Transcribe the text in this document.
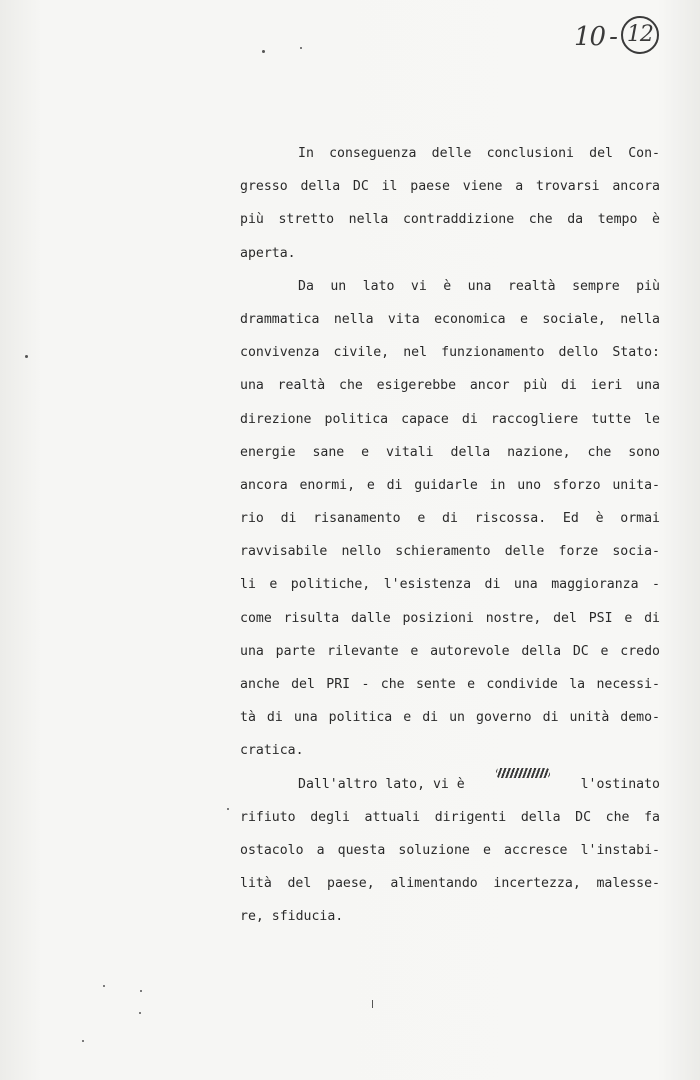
10 - 12
In conseguenza delle conclusioni del Con-
gresso della DC il paese viene a trovarsi ancora
più stretto nella contraddizione che da tempo è
aperta.
Da un lato vi è una realtà sempre più
drammatica nella vita economica e sociale, nella
convivenza civile, nel funzionamento dello Stato:
una realtà che esigerebbe ancor più di ieri una
direzione politica capace di raccogliere tutte le
energie sane e vitali della nazione, che sono
ancora enormi, e di guidarle in uno sforzo unita-
rio di risanamento e di riscossa. Ed è ormai
ravvisabile nello schieramento delle forze socia-
li e politiche, l'esistenza di una maggioranza -
come risulta dalle posizioni nostre, del PSI e di
una parte rilevante e autorevole della DC e credo
anche del PRI - che sente e condivide la necessi-
tà di una politica e di un governo di unità demo-
cratica.
Dall'altro lato, vi è	l'ostinato
rifiuto degli attuali dirigenti della DC che fa
ostacolo a questa soluzione e accresce l'instabi-
lità del paese, alimentando incertezza, malesse-
re, sfiducia.
